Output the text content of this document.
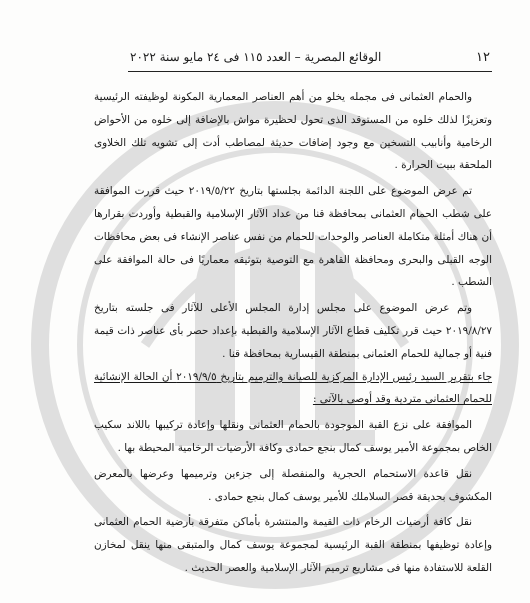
١٢
الوقائع المصرية – العدد ١١٥ فى ٢٤ مايو سنة ٢٠٢٢

والحمام العثمانى فى مجمله يخلو من أهم العناصر المعمارية المكونة لوظيفته الرئيسية وتعزيزًا لذلك خلوه من المستوقد الذى تحول لحظيرة مواش بالإضافة إلى خلوه من الأحواض الرخامية وأنابيب التسخين مع وجود إضافات حديثة لمصاطب أدت إلى تشويه تلك الخلاوى الملحقة ببيت الحرارة .

تم عرض الموضوع على اللجنة الدائمة بجلستها بتاريخ ٢٠١٩/٥/٢٢ حيث قررت الموافقة على شطب الحمام العثمانى بمحافظة قنا من عداد الآثار الإسلامية والقبطية وأوردت بقرارها أن هناك أمثلة متكاملة العناصر والوحدات للحمام من نفس عناصر الإنشاء فى بعض محافظات الوجه القبلى والبحرى ومحافظة القاهرة مع التوصية بتوثيقه معماريًا فى حالة الموافقة على الشطب .

وتم عرض الموضوع على مجلس إدارة المجلس الأعلى للآثار فى جلسته بتاريخ ٢٠١٩/٨/٢٧ حيث قرر تكليف قطاع الآثار الإسلامية والقبطية بإعداد حصر بأى عناصر ذات قيمة فنية أو جمالية للحمام العثمانى بمنطقة القيسارية بمحافظة قنا .

جاء بتقرير السيد رئيس الإدارة المركزية للصيانة والترميم بتاريخ ٢٠١٩/٩/٥ أن الحالة الإنشائية للحمام العثمانى متردية وقد أوصى بالآتى :

الموافقة على نزع القبة الموجودة بالحمام العثمانى ونقلها وإعادة تركيبها باللاند سكيب الخاص بمجموعة الأمير يوسف كمال بنجع حمادى وكافة الأرضيات الرخامية المحيطة بها .

نقل قاعدة الاستحمام الحجرية والمنفصلة إلى جزءين وترميمها وعرضها بالمعرض المكشوف بحديقة قصر السلاملك للأمير يوسف كمال بنجع حمادى .

نقل كافة أرضيات الرخام ذات القيمة والمنتشرة بأماكن متفرقة بأرضية الحمام العثمانى وإعادة توظيفها بمنطقة القبة الرئيسية لمجموعة يوسف كمال والمتبقى منها ينقل لمخازن القلعة للاستفادة منها فى مشاريع ترميم الآثار الإسلامية والعصر الحديث .
